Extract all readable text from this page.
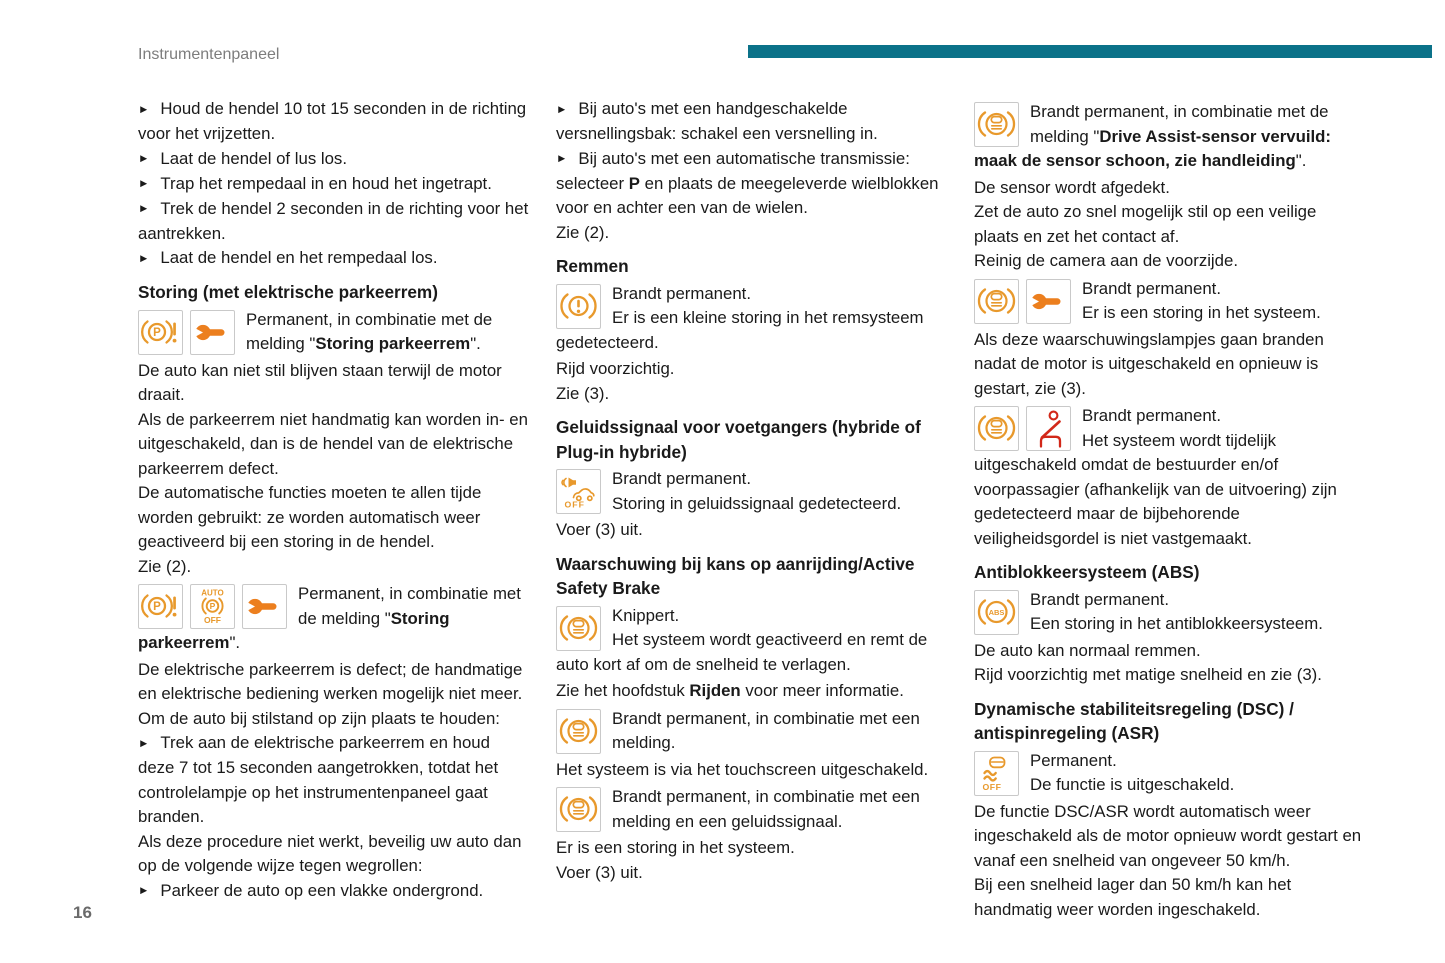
Instrumentenpaneel
► Houd de hendel 10 tot 15 seconden in de richting voor het vrijzetten.
► Laat de hendel of lus los.
► Trap het rempedaal in en houd het ingetrapt.
► Trek de hendel 2 seconden in de richting voor het aantrekken.
► Laat de hendel en het rempedaal los.
Storing (met elektrische parkeerrem)
P
Permanent, in combinatie met de melding "Storing parkeerrem".
De auto kan niet stil blijven staan terwijl de motor draait.
Als de parkeerrem niet handmatig kan worden in- en uitgeschakeld, dan is de hendel van de elektrische parkeerrem defect.
De automatische functies moeten te allen tijde worden gebruikt: ze worden automatisch weer geactiveerd bij een storing in de hendel.
Zie (2).
P
AUTO
P
OFF
Permanent, in combinatie met de melding "Storing parkeerrem".
De elektrische parkeerrem is defect; de handmatige en elektrische bediening werken mogelijk niet meer.
Om de auto bij stilstand op zijn plaats te houden:
► Trek aan de elektrische parkeerrem en houd deze 7 tot 15 seconden aangetrokken, totdat het controlelampje op het instrumentenpaneel gaat branden.
Als deze procedure niet werkt, beveilig uw auto dan op de volgende wijze tegen wegrollen:
► Parkeer de auto op een vlakke ondergrond.
► Bij auto's met een handgeschakelde versnellingsbak: schakel een versnelling in.
► Bij auto's met een automatische transmissie: selecteer P en plaats de meegeleverde wielblokken voor en achter een van de wielen.
Zie (2).
Remmen
Brandt permanent.
Er is een kleine storing in het remsysteem gedetecteerd.
Rijd voorzichtig.
Zie (3).
Geluidssignaal voor voetgangers (hybride of Plug-in hybride)
OFF
Brandt permanent.
Storing in geluidssignaal gedetecteerd.
Voer (3) uit.
Waarschuwing bij kans op aanrijding/Active Safety Brake
Knippert.
Het systeem wordt geactiveerd en remt de auto kort af om de snelheid te verlagen.
Zie het hoofdstuk Rijden voor meer informatie.
Brandt permanent, in combinatie met een melding.
Het systeem is via het touchscreen uitgeschakeld.
Brandt permanent, in combinatie met een melding en een geluidssignaal.
Er is een storing in het systeem.
Voer (3) uit.
Brandt permanent, in combinatie met de melding "Drive Assist-sensor vervuild: maak de sensor schoon, zie handleiding".
De sensor wordt afgedekt.
Zet de auto zo snel mogelijk stil op een veilige plaats en zet het contact af.
Reinig de camera aan de voorzijde.
Brandt permanent.
Er is een storing in het systeem.
Als deze waarschuwingslampjes gaan branden nadat de motor is uitgeschakeld en opnieuw is gestart, zie (3).
Brandt permanent.
Het systeem wordt tijdelijk uitgeschakeld omdat de bestuurder en/of voorpassagier (afhankelijk van de uitvoering) zijn gedetecteerd maar de bijbehorende veiligheidsgordel is niet vastgemaakt.
Antiblokkeersysteem (ABS)
ABS
Brandt permanent.
Een storing in het antiblokkeersysteem.
De auto kan normaal remmen.
Rijd voorzichtig met matige snelheid en zie (3).
Dynamische stabiliteitsregeling (DSC) / antispinregeling (ASR)
OFF
Permanent.
De functie is uitgeschakeld.
De functie DSC/ASR wordt automatisch weer ingeschakeld als de motor opnieuw wordt gestart en vanaf een snelheid van ongeveer 50 km/h.
Bij een snelheid lager dan 50 km/h kan het handmatig weer worden ingeschakeld.
16
